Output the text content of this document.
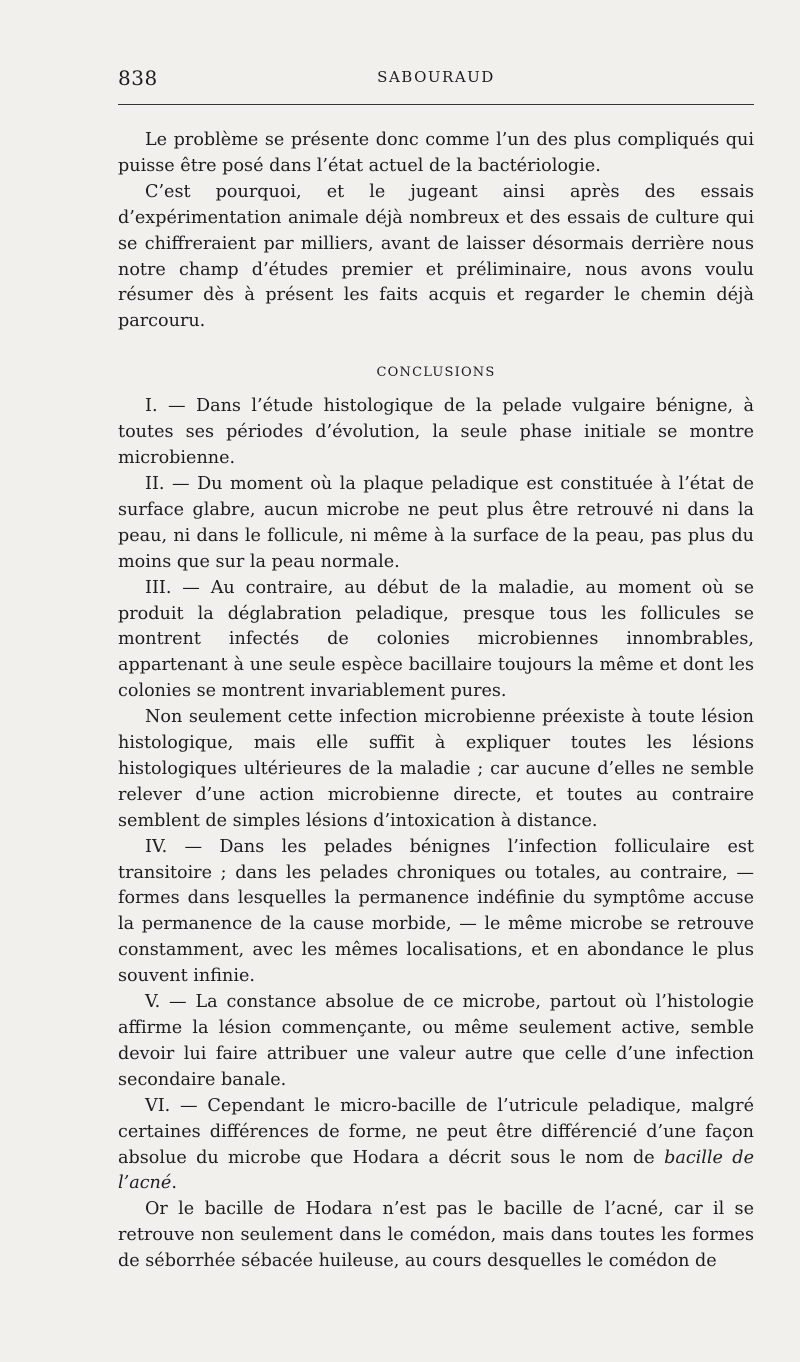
838	SABOURAUD

Le problème se présente donc comme l’un des plus compliqués qui puisse être posé dans l’état actuel de la bactériologie.

C’est pourquoi, et le jugeant ainsi après des essais d’expérimentation animale déjà nombreux et des essais de culture qui se chiffreraient par milliers, avant de laisser désormais derrière nous notre champ d’études premier et préliminaire, nous avons voulu résumer dès à présent les faits acquis et regarder le chemin déjà parcouru.

CONCLUSIONS

I. — Dans l’étude histologique de la pelade vulgaire bénigne, à toutes ses périodes d’évolution, la seule phase initiale se montre microbienne.

II. — Du moment où la plaque peladique est constituée à l’état de surface glabre, aucun microbe ne peut plus être retrouvé ni dans la peau, ni dans le follicule, ni même à la surface de la peau, pas plus du moins que sur la peau normale.

III. — Au contraire, au début de la maladie, au moment où se produit la déglabration peladique, presque tous les follicules se montrent infectés de colonies microbiennes innombrables, appartenant à une seule espèce bacillaire toujours la même et dont les colonies se montrent invariablement pures.

Non seulement cette infection microbienne préexiste à toute lésion histologique, mais elle suffit à expliquer toutes les lésions histologiques ultérieures de la maladie ; car aucune d’elles ne semble relever d’une action microbienne directe, et toutes au contraire semblent de simples lésions d’intoxication à distance.

IV. — Dans les pelades bénignes l’infection folliculaire est transitoire ; dans les pelades chroniques ou totales, au contraire, — formes dans lesquelles la permanence indéfinie du symptôme accuse la permanence de la cause morbide, — le même microbe se retrouve constamment, avec les mêmes localisations, et en abondance le plus souvent infinie.

V. — La constance absolue de ce microbe, partout où l’histologie affirme la lésion commençante, ou même seulement active, semble devoir lui faire attribuer une valeur autre que celle d’une infection secondaire banale.

VI. — Cependant le micro-bacille de l’utricule peladique, malgré certaines différences de forme, ne peut être différencié d’une façon absolue du microbe que Hodara a décrit sous le nom de bacille de l’acné.

Or le bacille de Hodara n’est pas le bacille de l’acné, car il se retrouve non seulement dans le comédon, mais dans toutes les formes de séborrhée sébacée huileuse, au cours desquelles le comédon de
